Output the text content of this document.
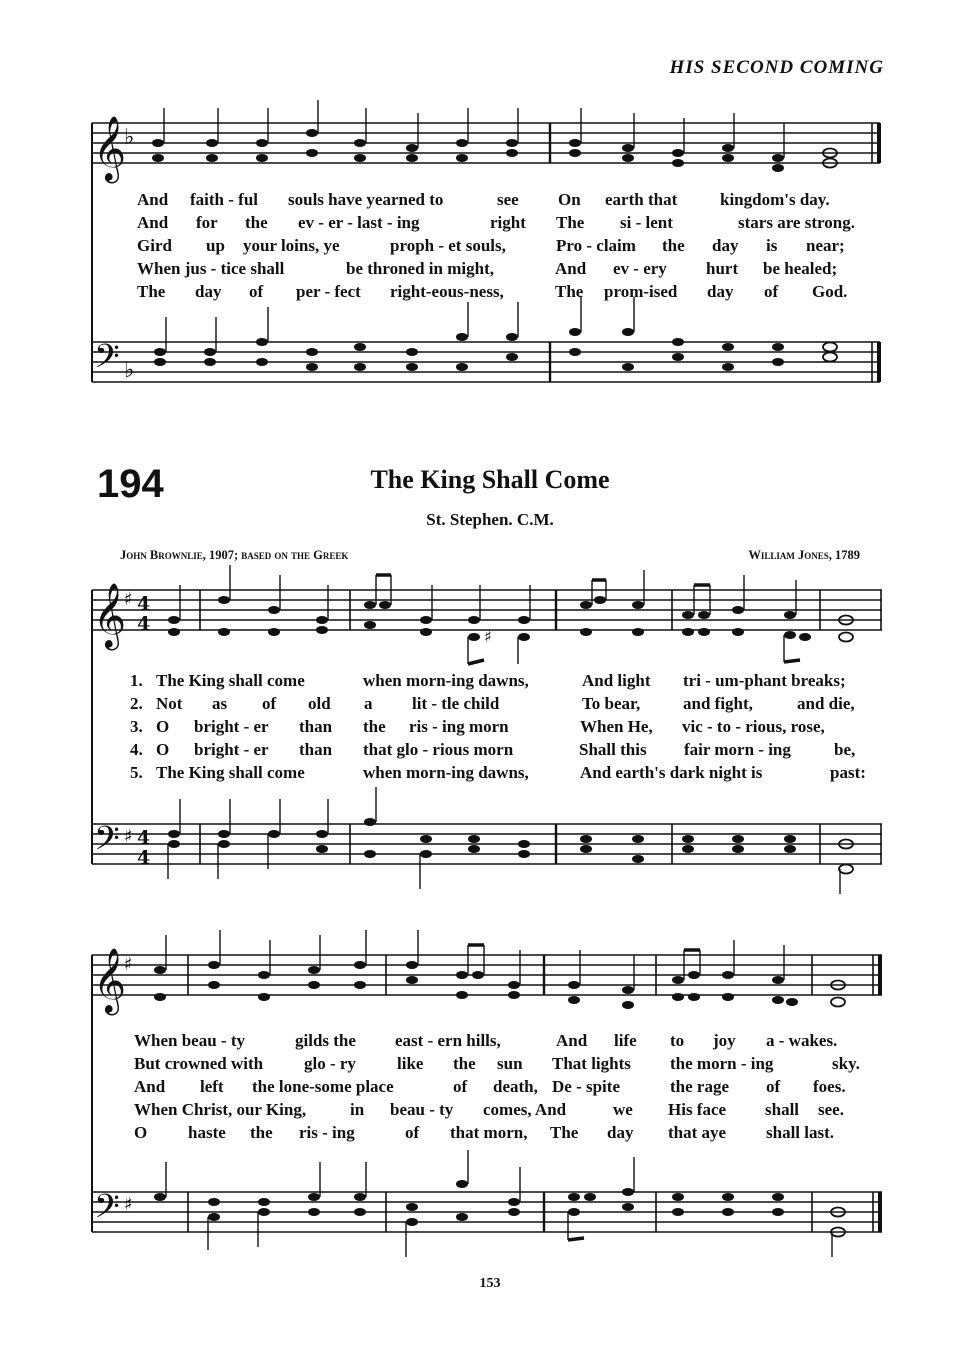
HIS SECOND COMING
𝄞
♭
𝄢 ♭
And faith - ful souls have yearned to	see On earth that	kingdom's day.
And for the ev - er - last - ing	right The si - lent	stars are strong.
Gird up your loins, ye	proph - et souls,	Pro - claim the day is near;
When jus - tice shall	be throned in might,	And ev - ery hurt be healed;
The day of per - fect right-eous-ness,	The prom-ised day of God.
194	The King Shall Come
St. Stephen. C.M.
John Brownlie, 1907; based on the Greek	William Jones, 1789
𝄞
♯ 4
4
𝄢 ♯ 4
4
♯
1. The King shall come	when morn-ing dawns,	And light tri - um-phant breaks;
2. Not as of old a lit - tle child	To bear,	and fight,	and die,
3. O bright - er than the ris - ing morn	When He, vic - to - rious, rose,
4. O bright - er than that glo - rious morn	Shall this fair morn - ing	be,
5. The King shall come	when morn-ing dawns,	And earth's dark night is	past:
𝄞
♯
𝄢 ♯
When beau - ty	gilds the east - ern hills,	And life to joy a - wakes.
But crowned with glo - ry like the sun That lights the morn - ing	sky.
And left the lone-some place	of death, De - spite	the rage of foes.
When Christ, our King,	in beau - ty comes, And	we His face shall see.
O haste the ris - ing	of that morn, The day that aye shall last.
153
